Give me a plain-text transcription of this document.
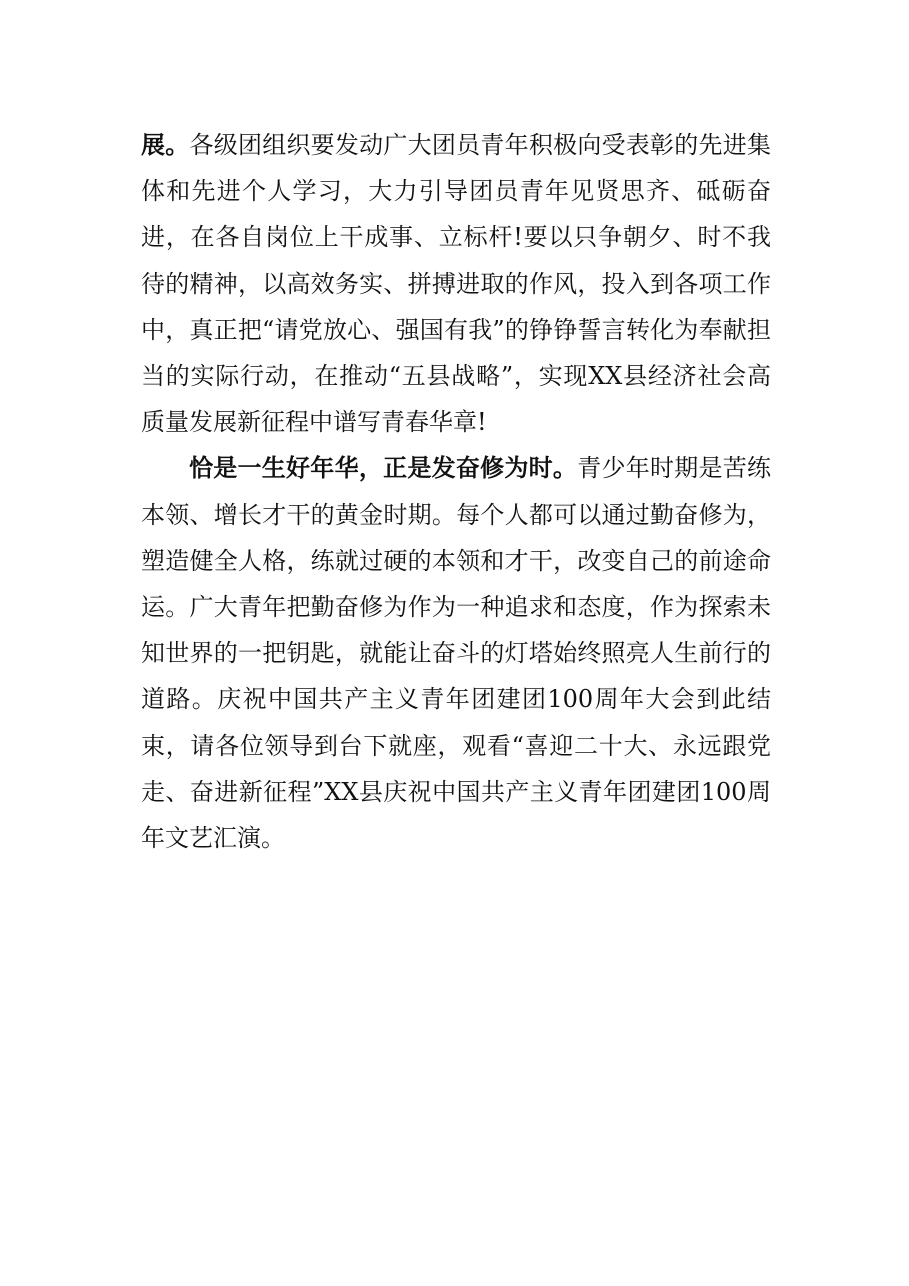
展。各级团组织要发动广大团员青年积极向受表彰的先进集体和先进个人学习，大力引导团员青年见贤思齐、砥砺奋进，在各自岗位上干成事、立标杆!要以只争朝夕、时不我待的精神，以高效务实、拼搏进取的作风，投入到各项工作中，真正把“请党放心、强国有我”的铮铮誓言转化为奉献担当的实际行动，在推动“五县战略”，实现XX县经济社会高质量发展新征程中谱写青春华章!

恰是一生好年华，正是发奋修为时。青少年时期是苦练本领、增长才干的黄金时期。每个人都可以通过勤奋修为，塑造健全人格，练就过硬的本领和才干，改变自己的前途命运。广大青年把勤奋修为作为一种追求和态度，作为探索未知世界的一把钥匙，就能让奋斗的灯塔始终照亮人生前行的道路。庆祝中国共产主义青年团建团100周年大会到此结束，请各位领导到台下就座，观看“喜迎二十大、永远跟党走、奋进新征程”XX县庆祝中国共产主义青年团建团100周年文艺汇演。
